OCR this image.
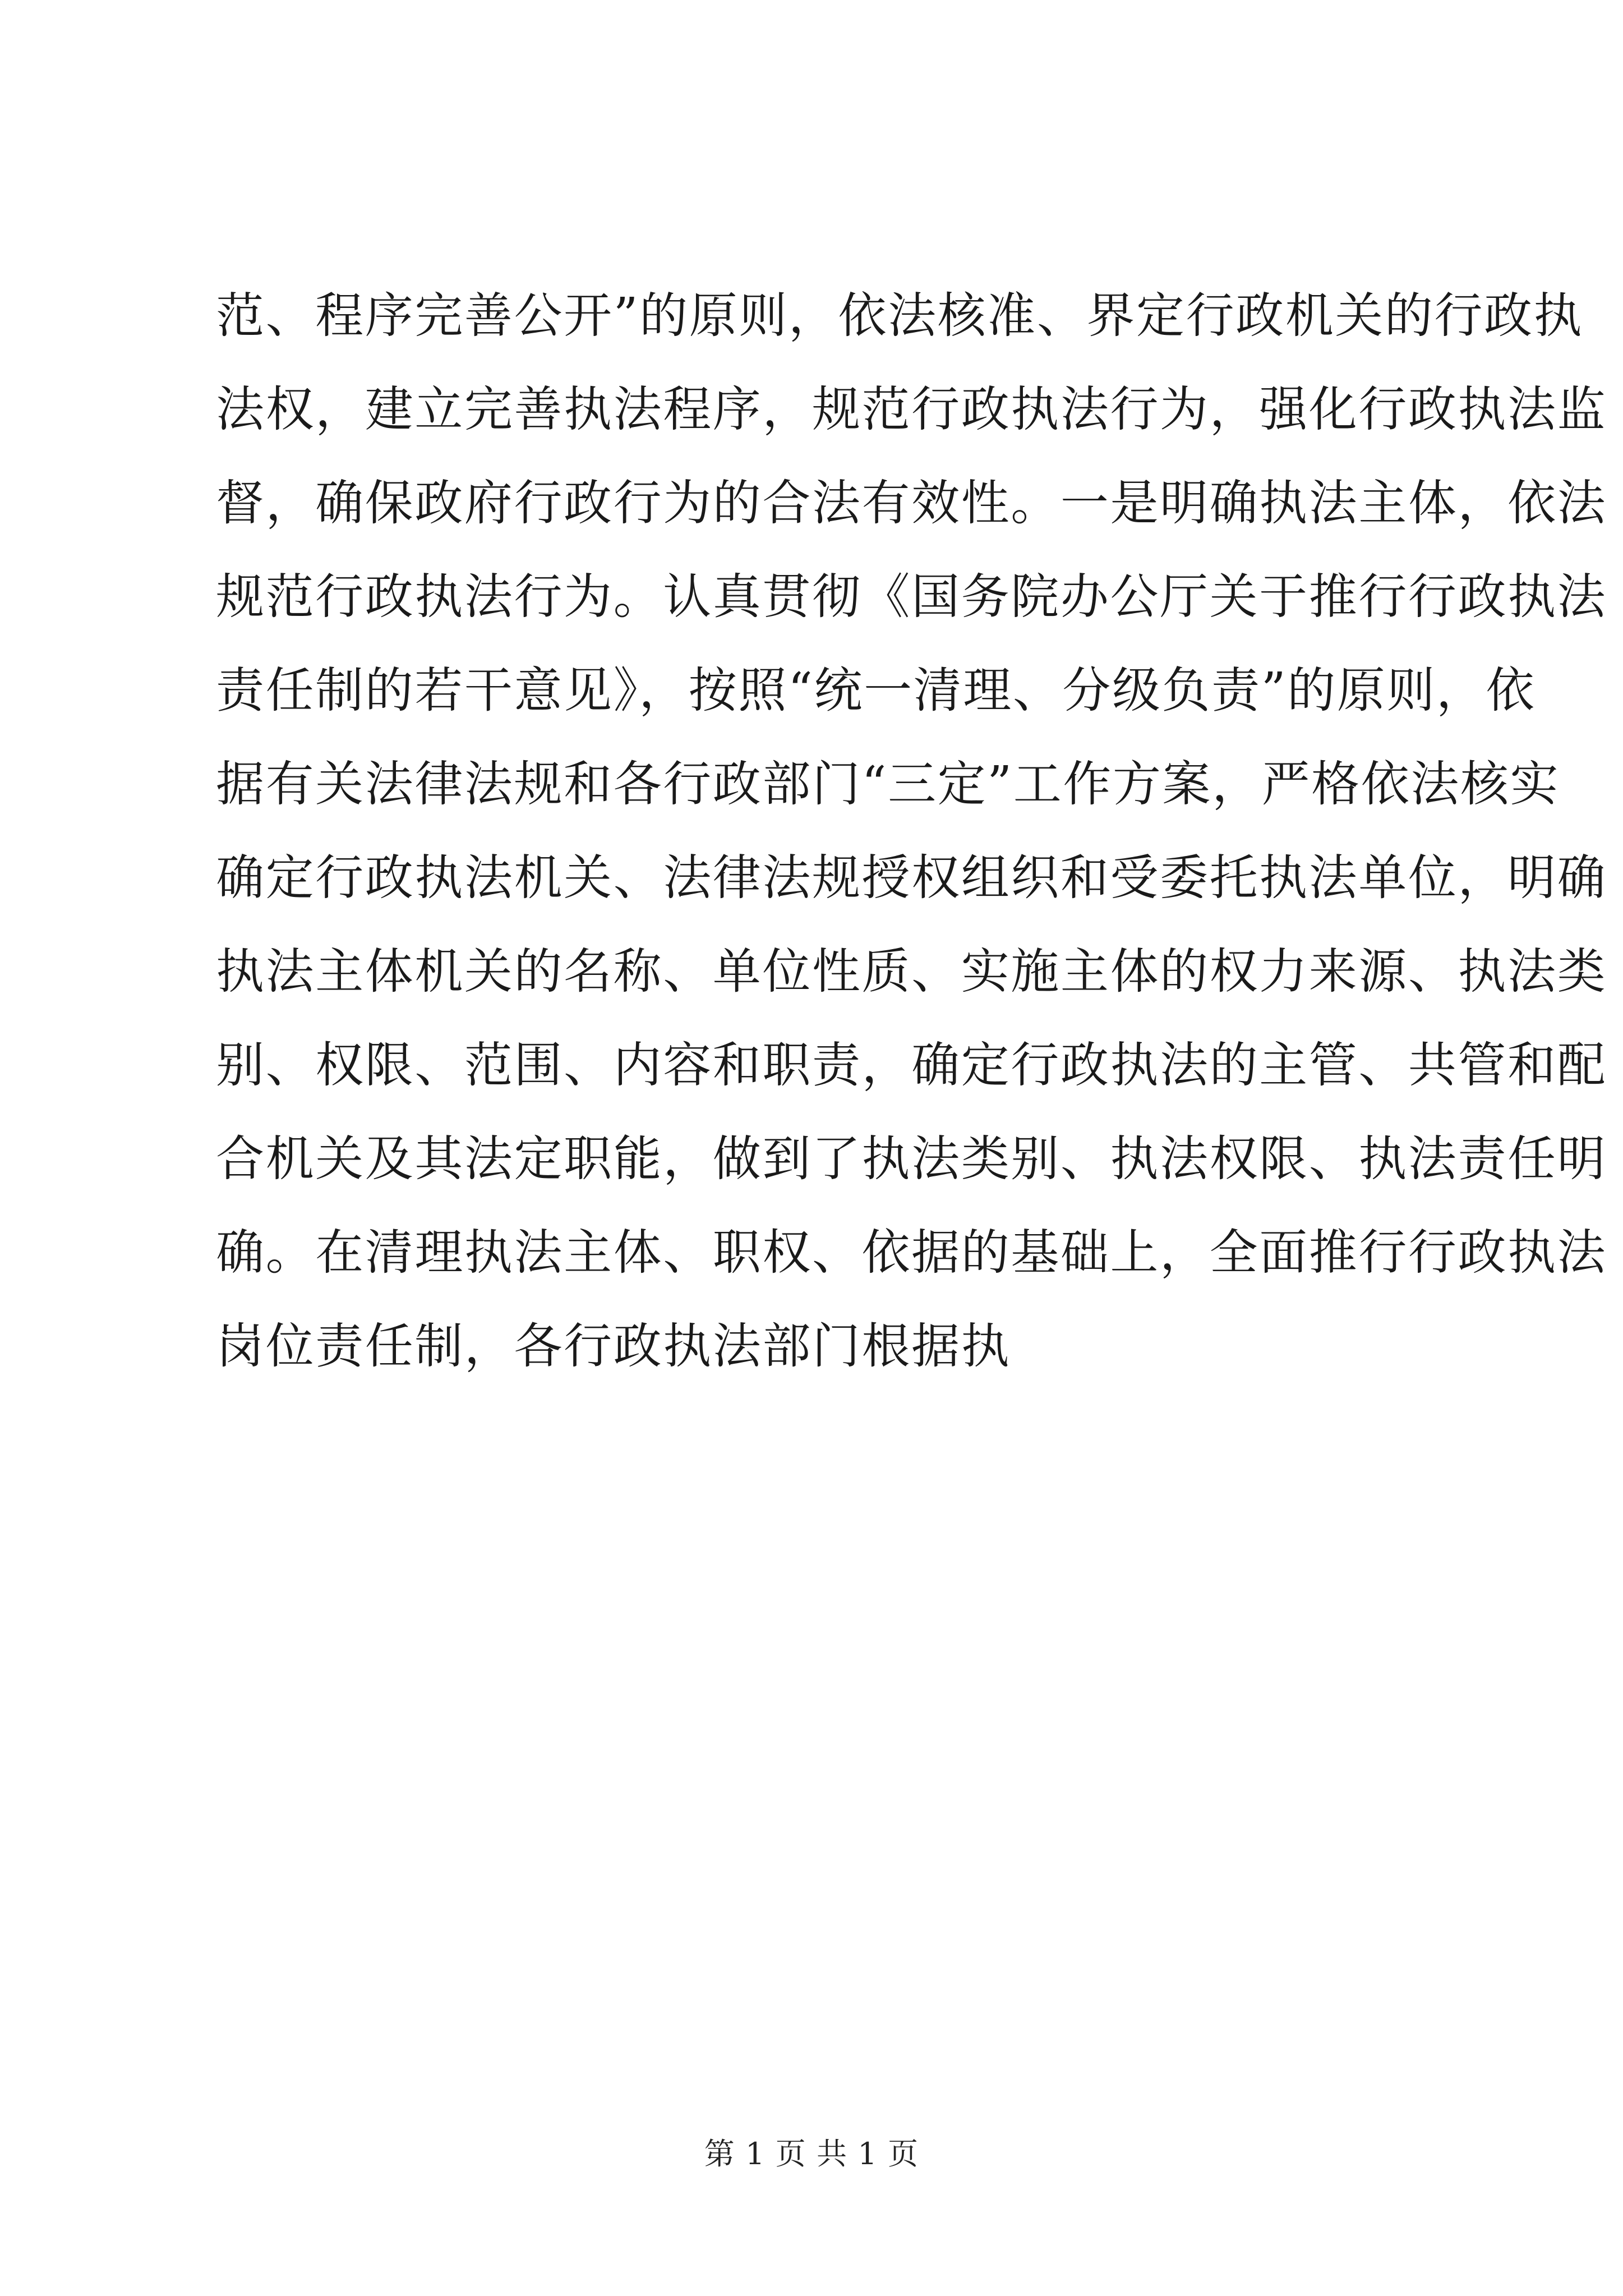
范、程序完善公开”的原则，依法核准、界定行政机关的行政执
法权，建立完善执法程序，规范行政执法行为，强化行政执法监
督，确保政府行政行为的合法有效性。一是明确执法主体，依法
规范行政执法行为。认真贯彻《国务院办公厅关于推行行政执法
责任制的若干意见》，按照“统一清理、分级负责”的原则，依
据有关法律法规和各行政部门“三定”工作方案，严格依法核实
确定行政执法机关、法律法规授权组织和受委托执法单位，明确
执法主体机关的名称、单位性质、实施主体的权力来源、执法类
别、权限、范围、内容和职责，确定行政执法的主管、共管和配
合机关及其法定职能，做到了执法类别、执法权限、执法责任明
确。在清理执法主体、职权、依据的基础上，全面推行行政执法
岗位责任制，各行政执法部门根据执
第 1 页 共 1 页
